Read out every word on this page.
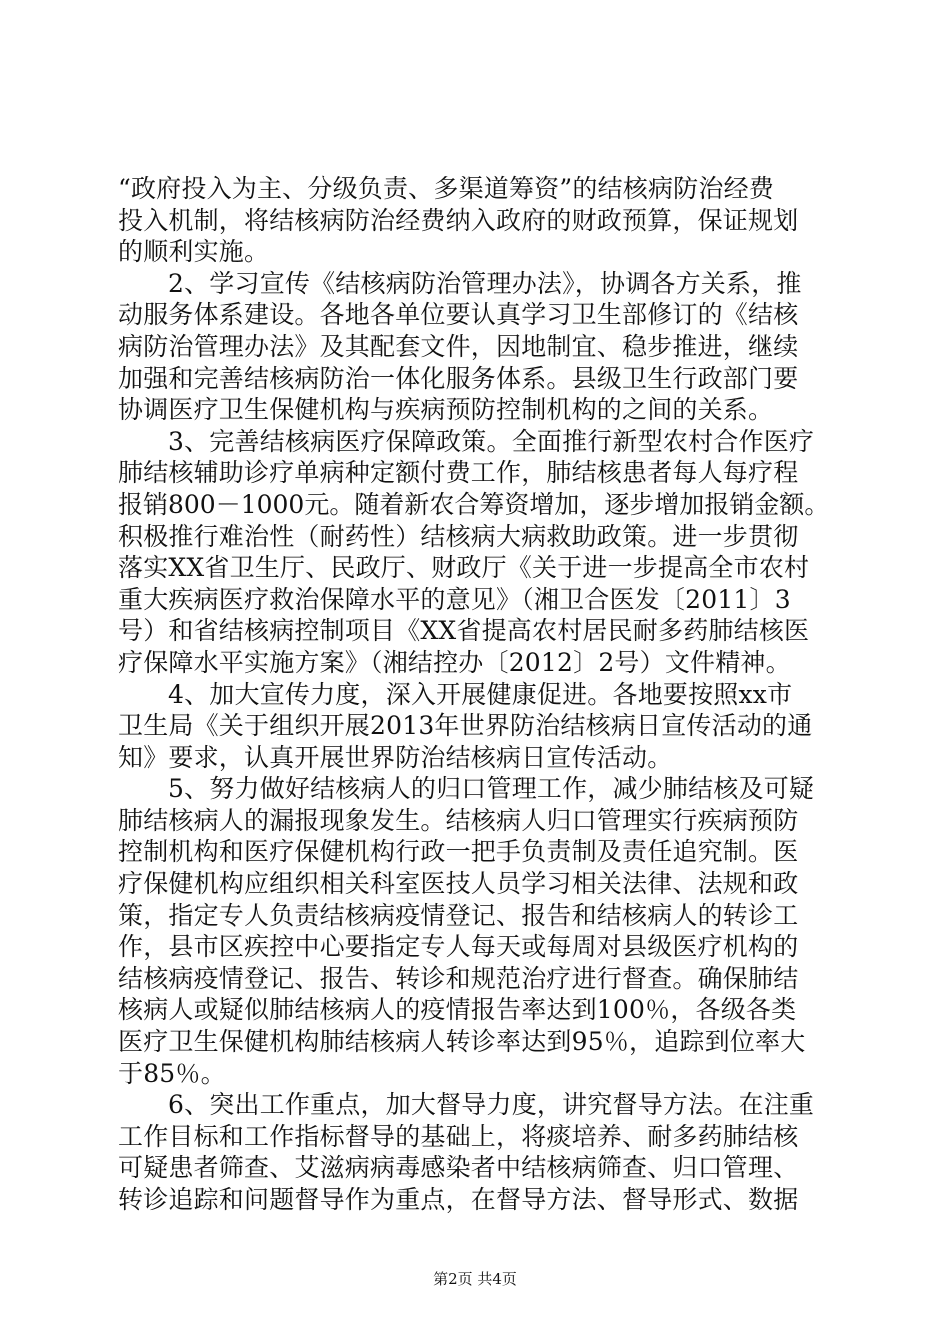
“政府投入为主、分级负责、多渠道筹资”的结核病防治经费
投入机制，将结核病防治经费纳入政府的财政预算，保证规划
的顺利实施。
2、学习宣传《结核病防治管理办法》，协调各方关系，推
动服务体系建设。各地各单位要认真学习卫生部修订的《结核
病防治管理办法》及其配套文件，因地制宜、稳步推进，继续
加强和完善结核病防治一体化服务体系。县级卫生行政部门要
协调医疗卫生保健机构与疾病预防控制机构的之间的关系。
3、完善结核病医疗保障政策。全面推行新型农村合作医疗
肺结核辅助诊疗单病种定额付费工作，肺结核患者每人每疗程
报销800－1000元。随着新农合筹资增加，逐步增加报销金额。
积极推行难治性（耐药性）结核病大病救助政策。进一步贯彻
落实XX省卫生厅、民政厅、财政厅《关于进一步提高全市农村
重大疾病医疗救治保障水平的意见》（湘卫合医发〔2011〕3
号）和省结核病控制项目《XX省提高农村居民耐多药肺结核医
疗保障水平实施方案》（湘结控办〔2012〕2号）文件精神。
4、加大宣传力度，深入开展健康促进。各地要按照xx市
卫生局《关于组织开展2013年世界防治结核病日宣传活动的通
知》要求，认真开展世界防治结核病日宣传活动。
5、努力做好结核病人的归口管理工作，减少肺结核及可疑
肺结核病人的漏报现象发生。结核病人归口管理实行疾病预防
控制机构和医疗保健机构行政一把手负责制及责任追究制。医
疗保健机构应组织相关科室医技人员学习相关法律、法规和政
策，指定专人负责结核病疫情登记、报告和结核病人的转诊工
作，县市区疾控中心要指定专人每天或每周对县级医疗机构的
结核病疫情登记、报告、转诊和规范治疗进行督查。确保肺结
核病人或疑似肺结核病人的疫情报告率达到100％，各级各类
医疗卫生保健机构肺结核病人转诊率达到95％，追踪到位率大
于85％。
6、突出工作重点，加大督导力度，讲究督导方法。在注重
工作目标和工作指标督导的基础上，将痰培养、耐多药肺结核
可疑患者筛查、艾滋病病毒感染者中结核病筛查、归口管理、
转诊追踪和问题督导作为重点，在督导方法、督导形式、数据
第2页 共4页
